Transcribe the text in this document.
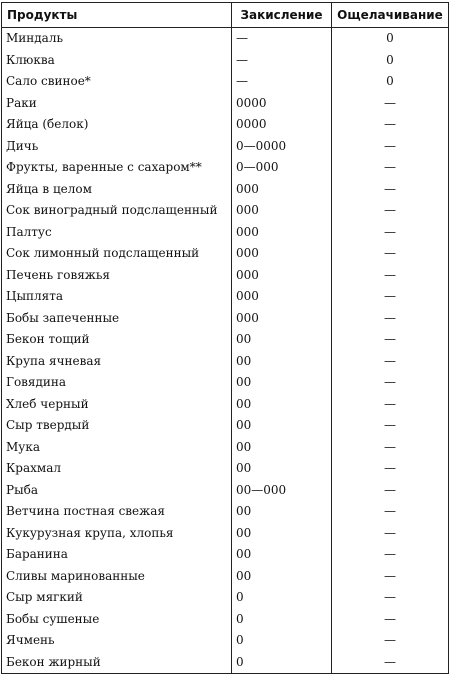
Продукты	Закисление	Ощелачивание
Миндаль	—	0
Клюква	—	0
Сало свиное*	—	0
Раки	0000	—
Яйца (белок)	0000	—
Дичь	0—0000	—
Фрукты, варенные с сахаром**	0—000	—
Яйца в целом	000	—
Сок виноградный подслащенный	000	—
Палтус	000	—
Сок лимонный подслащенный	000	—
Печень говяжья	000	—
Цыплята	000	—
Бобы запеченные	000	—
Бекон тощий	00	—
Крупа ячневая	00	—
Говядина	00	—
Хлеб черный	00	—
Сыр твердый	00	—
Мука	00	—
Крахмал	00	—
Рыба	00—000	—
Ветчина постная свежая	00	—
Кукурузная крупа, хлопья	00	—
Баранина	00	—
Сливы маринованные	00	—
Сыр мягкий	0	—
Бобы сушеные	0	—
Ячмень	0	—
Бекон жирный	0	—
